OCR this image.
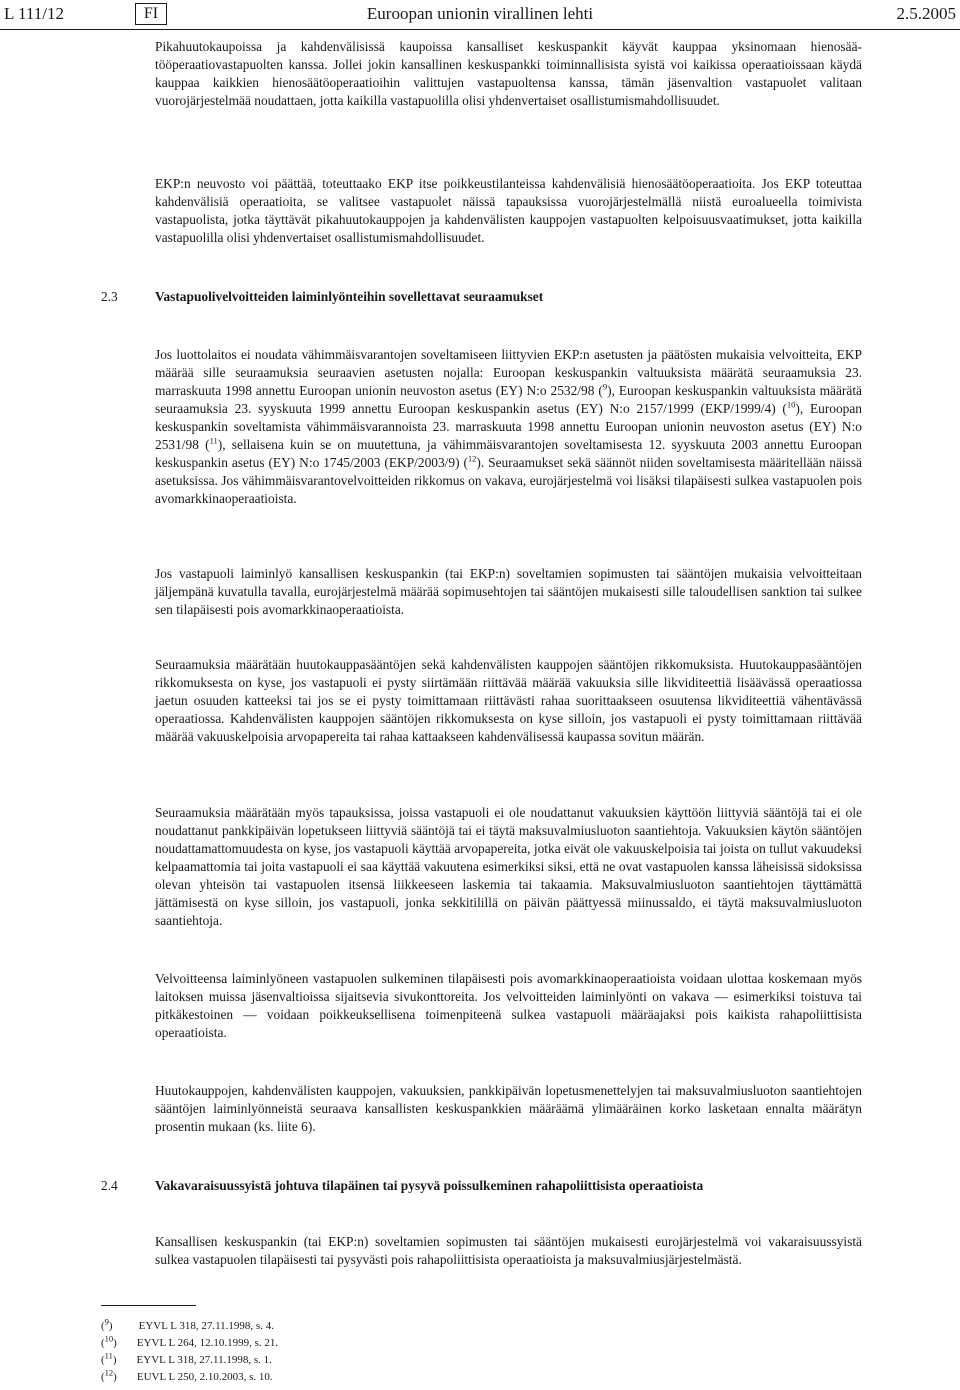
L 111/12	FI	Euroopan unionin virallinen lehti	2.5.2005
Pikahuutokaupoissa ja kahdenvälisissä kaupoissa kansalliset keskuspankit käyvät kauppaa yksinomaan hienosäätööperaatiovastapuolten kanssa. Jollei jokin kansallinen keskuspankki toiminnallisista syistä voi kaikissa operaatioissaan käydä kauppaa kaikkien hienosäätöoperaatioihin valittujen vastapuoltensa kanssa, tämän jäsenvaltion vastapuolet valitaan vuorojärjestelmää noudattaen, jotta kaikilla vastapuolilla olisi yhdenvertaiset osallistumismahdollisuudet.
EKP:n neuvosto voi päättää, toteuttaako EKP itse poikkeustilanteissa kahdenvälisiä hienosäätöoperaatioita. Jos EKP toteuttaa kahdenvälisiä operaatioita, se valitsee vastapuolet näissä tapauksissa vuorojärjestelmällä niistä euroalueella toimivista vastapuolista, jotka täyttävät pikahuutokauppojen ja kahdenvälisten kauppojen vastapuolten kelpoisuusvaatimukset, jotta kaikilla vastapuolilla olisi yhdenvertaiset osallistumismahdollisuudet.
2.3	Vastapuolivelvoitteiden laiminlyönteihin sovellettavat seuraamukset
Jos luottolaitos ei noudata vähimmäisvarantojen soveltamiseen liittyvien EKP:n asetusten ja päätösten mukaisia velvoitteita, EKP määrää sille seuraamuksia seuraavien asetusten nojalla: Euroopan keskuspankin valtuuksista määrätä seuraamuksia 23. marraskuuta 1998 annettu Euroopan unionin neuvoston asetus (EY) N:o 2532/98 ($^9$), Euroopan keskuspankin valtuuksista määrätä seuraamuksia 23. syyskuuta 1999 annettu Euroopan keskuspankin asetus (EY) N:o 2157/1999 (EKP/1999/4) ($^{10}$), Euroopan keskuspankin soveltamista vähimmäisvarannoista 23. marraskuuta 1998 annettu Euroopan unionin neuvoston asetus (EY) N:o 2531/98 ($^{11}$), sellaisena kuin se on muutettuna, ja vähimmäisvarantojen soveltamisesta 12. syyskuuta 2003 annettu Euroopan keskuspankin asetus (EY) N:o 1745/2003 (EKP/2003/9) ($^{12}$). Seuraamukset sekä säännöt niiden soveltamisesta määritellään näissä asetuksissa. Jos vähimmäisvarantovelvoitteiden rikkomus on vakava, eurojärjestelmä voi lisäksi tilapäisesti sulkea vastapuolen pois avomarkkinaoperaatioista.
Jos vastapuoli laiminlyö kansallisen keskuspankin (tai EKP:n) soveltamien sopimusten tai sääntöjen mukaisia velvoitteitaan jäljempänä kuvatulla tavalla, eurojärjestelmä määrää sopimusehtojen tai sääntöjen mukaisesti sille taloudellisen sanktion tai sulkee sen tilapäisesti pois avomarkkinaoperaatioista.
Seuraamuksia määrätään huutokauppasääntöjen sekä kahdenvälisten kauppojen sääntöjen rikkomuksista. Huutokauppasääntöjen rikkomuksesta on kyse, jos vastapuoli ei pysty siirtämään riittävää määrää vakuuksia sille likviditeettiä lisäävässä operaatiossa jaetun osuuden katteeksi tai jos se ei pysty toimittamaan riittävästi rahaa suorittaakseen osuutensa likviditeettiä vähentävässä operaatiossa. Kahdenvälisten kauppojen sääntöjen rikkomuksesta on kyse silloin, jos vastapuoli ei pysty toimittamaan riittävää määrää vakuuskelpoisia arvopapereita tai rahaa kattaakseen kahdenvälisessä kaupassa sovitun määrän.
Seuraamuksia määrätään myös tapauksissa, joissa vastapuoli ei ole noudattanut vakuuksien käyttöön liittyviä sääntöjä tai ei ole noudattanut pankkipäivän lopetukseen liittyviä sääntöjä tai ei täytä maksuvalmiusluoton saantiehtoja. Vakuuksien käytön sääntöjen noudattamattomuudesta on kyse, jos vastapuoli käyttää arvopapereita, jotka eivät ole vakuuskelpoisia tai joista on tullut vakuudeksi kelpaamattomia tai joita vastapuoli ei saa käyttää vakuutena esimerkiksi siksi, että ne ovat vastapuolen kanssa läheisissä sidoksissa olevan yhteisön tai vastapuolen itsensä liikkeeseen laskemia tai takaamia. Maksuvalmiusluoton saantiehtojen täyttämättä jättämisestä on kyse silloin, jos vastapuoli, jonka sekkitilillä on päivän päättyessä miinussaldo, ei täytä maksuvalmiusluoton saantiehtoja.
Velvoitteensa laiminlyöneen vastapuolen sulkeminen tilapäisesti pois avomarkkinaoperaatioista voidaan ulottaa koskemaan myös laitoksen muissa jäsenvaltioissa sijaitsevia sivukonttoreita. Jos velvoitteiden laiminlyönti on vakava — esimerkiksi toistuva tai pitkäkestoinen — voidaan poikkeuksellisena toimenpiteenä sulkea vastapuoli määräajaksi pois kaikista rahapoliittisista operaatioista.
Huutokauppojen, kahdenvälisten kauppojen, vakuuksien, pankkipäivän lopetusmenettelyjen tai maksuvalmiusluoton saantiehtojen sääntöjen laiminlyönneistä seuraava kansallisten keskuspankkien määräämä ylimääräinen korko lasketaan ennalta määrätyn prosentin mukaan (ks. liite 6).
2.4	Vakavaraisuussyistä johtuva tilapäinen tai pysyvä poissulkeminen rahapoliittisista operaatioista
Kansallisen keskuspankin (tai EKP:n) soveltamien sopimusten tai sääntöjen mukaisesti eurojärjestelmä voi vakaraisuussyistä sulkea vastapuolen tilapäisesti tai pysyvästi pois rahapoliittisista operaatioista ja maksuvalmiusjärjestelmästä.
($^9$) EYVL L 318, 27.11.1998, s. 4.
($^{10}$) EYVL L 264, 12.10.1999, s. 21.
($^{11}$) EYVL L 318, 27.11.1998, s. 1.
($^{12}$) EUVL L 250, 2.10.2003, s. 10.
